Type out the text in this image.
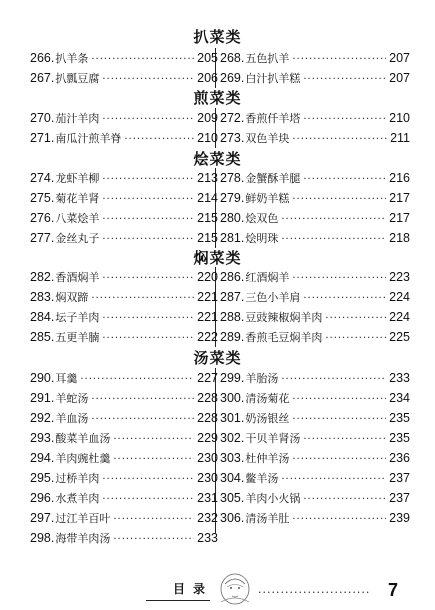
扒菜类
煎菜类
烩菜类
焖菜类
汤菜类
266. 扒羊条 ·····	205
267. 扒瓢豆腐 ·····	206
268. 五色扒羊 ·····	207
269. 白汁扒羊糕 ·····	207
270. 茄汁羊肉 ·····	209
271. 南瓜汁煎羊脊 ·····	210
272. 香煎仟羊塔 ·····	210
273. 双色羊块 ·····	211
274. 龙虾羊柳 ·····	213
275. 菊花羊肾 ·····	214
276. 八菜烩羊 ·····	215
277. 金丝丸子 ·····	215
278. 金蟹酥羊腿 ·····	216
279. 鲜奶羊糕 ·····	217
280. 烩双色 ·····	217
281. 烩明珠 ·····	218
282. 香酒焖羊 ·····	220
283. 焖双蹄 ·····	221
284. 坛子羊肉 ·····	221
285. 五更羊腩 ·····	222
286. 红酒焖羊 ·····	223
287. 三色小羊肩 ·····	224
288. 豆豉辣椒焖羊肉 ·····	224
289. 香煎毛豆焖羊肉 ·····	225
290. 耳羹 ·····	227
291. 羊蛇汤 ·····	228
292. 羊血汤 ·····	228
293. 酸菜羊血汤 ·····	229
294. 羊肉豌杜羹 ·····	230
295. 过桥羊肉 ·····	230
296. 水煮羊肉 ·····	231
297. 过江羊百叶 ·····	232
298. 海带羊肉汤 ·····	233
299. 羊胎汤 ·····	233
300. 清汤菊花 ·····	234
301. 奶汤银丝 ·····	235
302. 干贝羊肾汤 ·····	235
303. 杜仲羊汤 ·····	236
304. 鳖羊汤 ·····	237
305. 羊肉小火锅 ·····	237
306. 清汤羊肚 ·····	239
目录	························· 7
